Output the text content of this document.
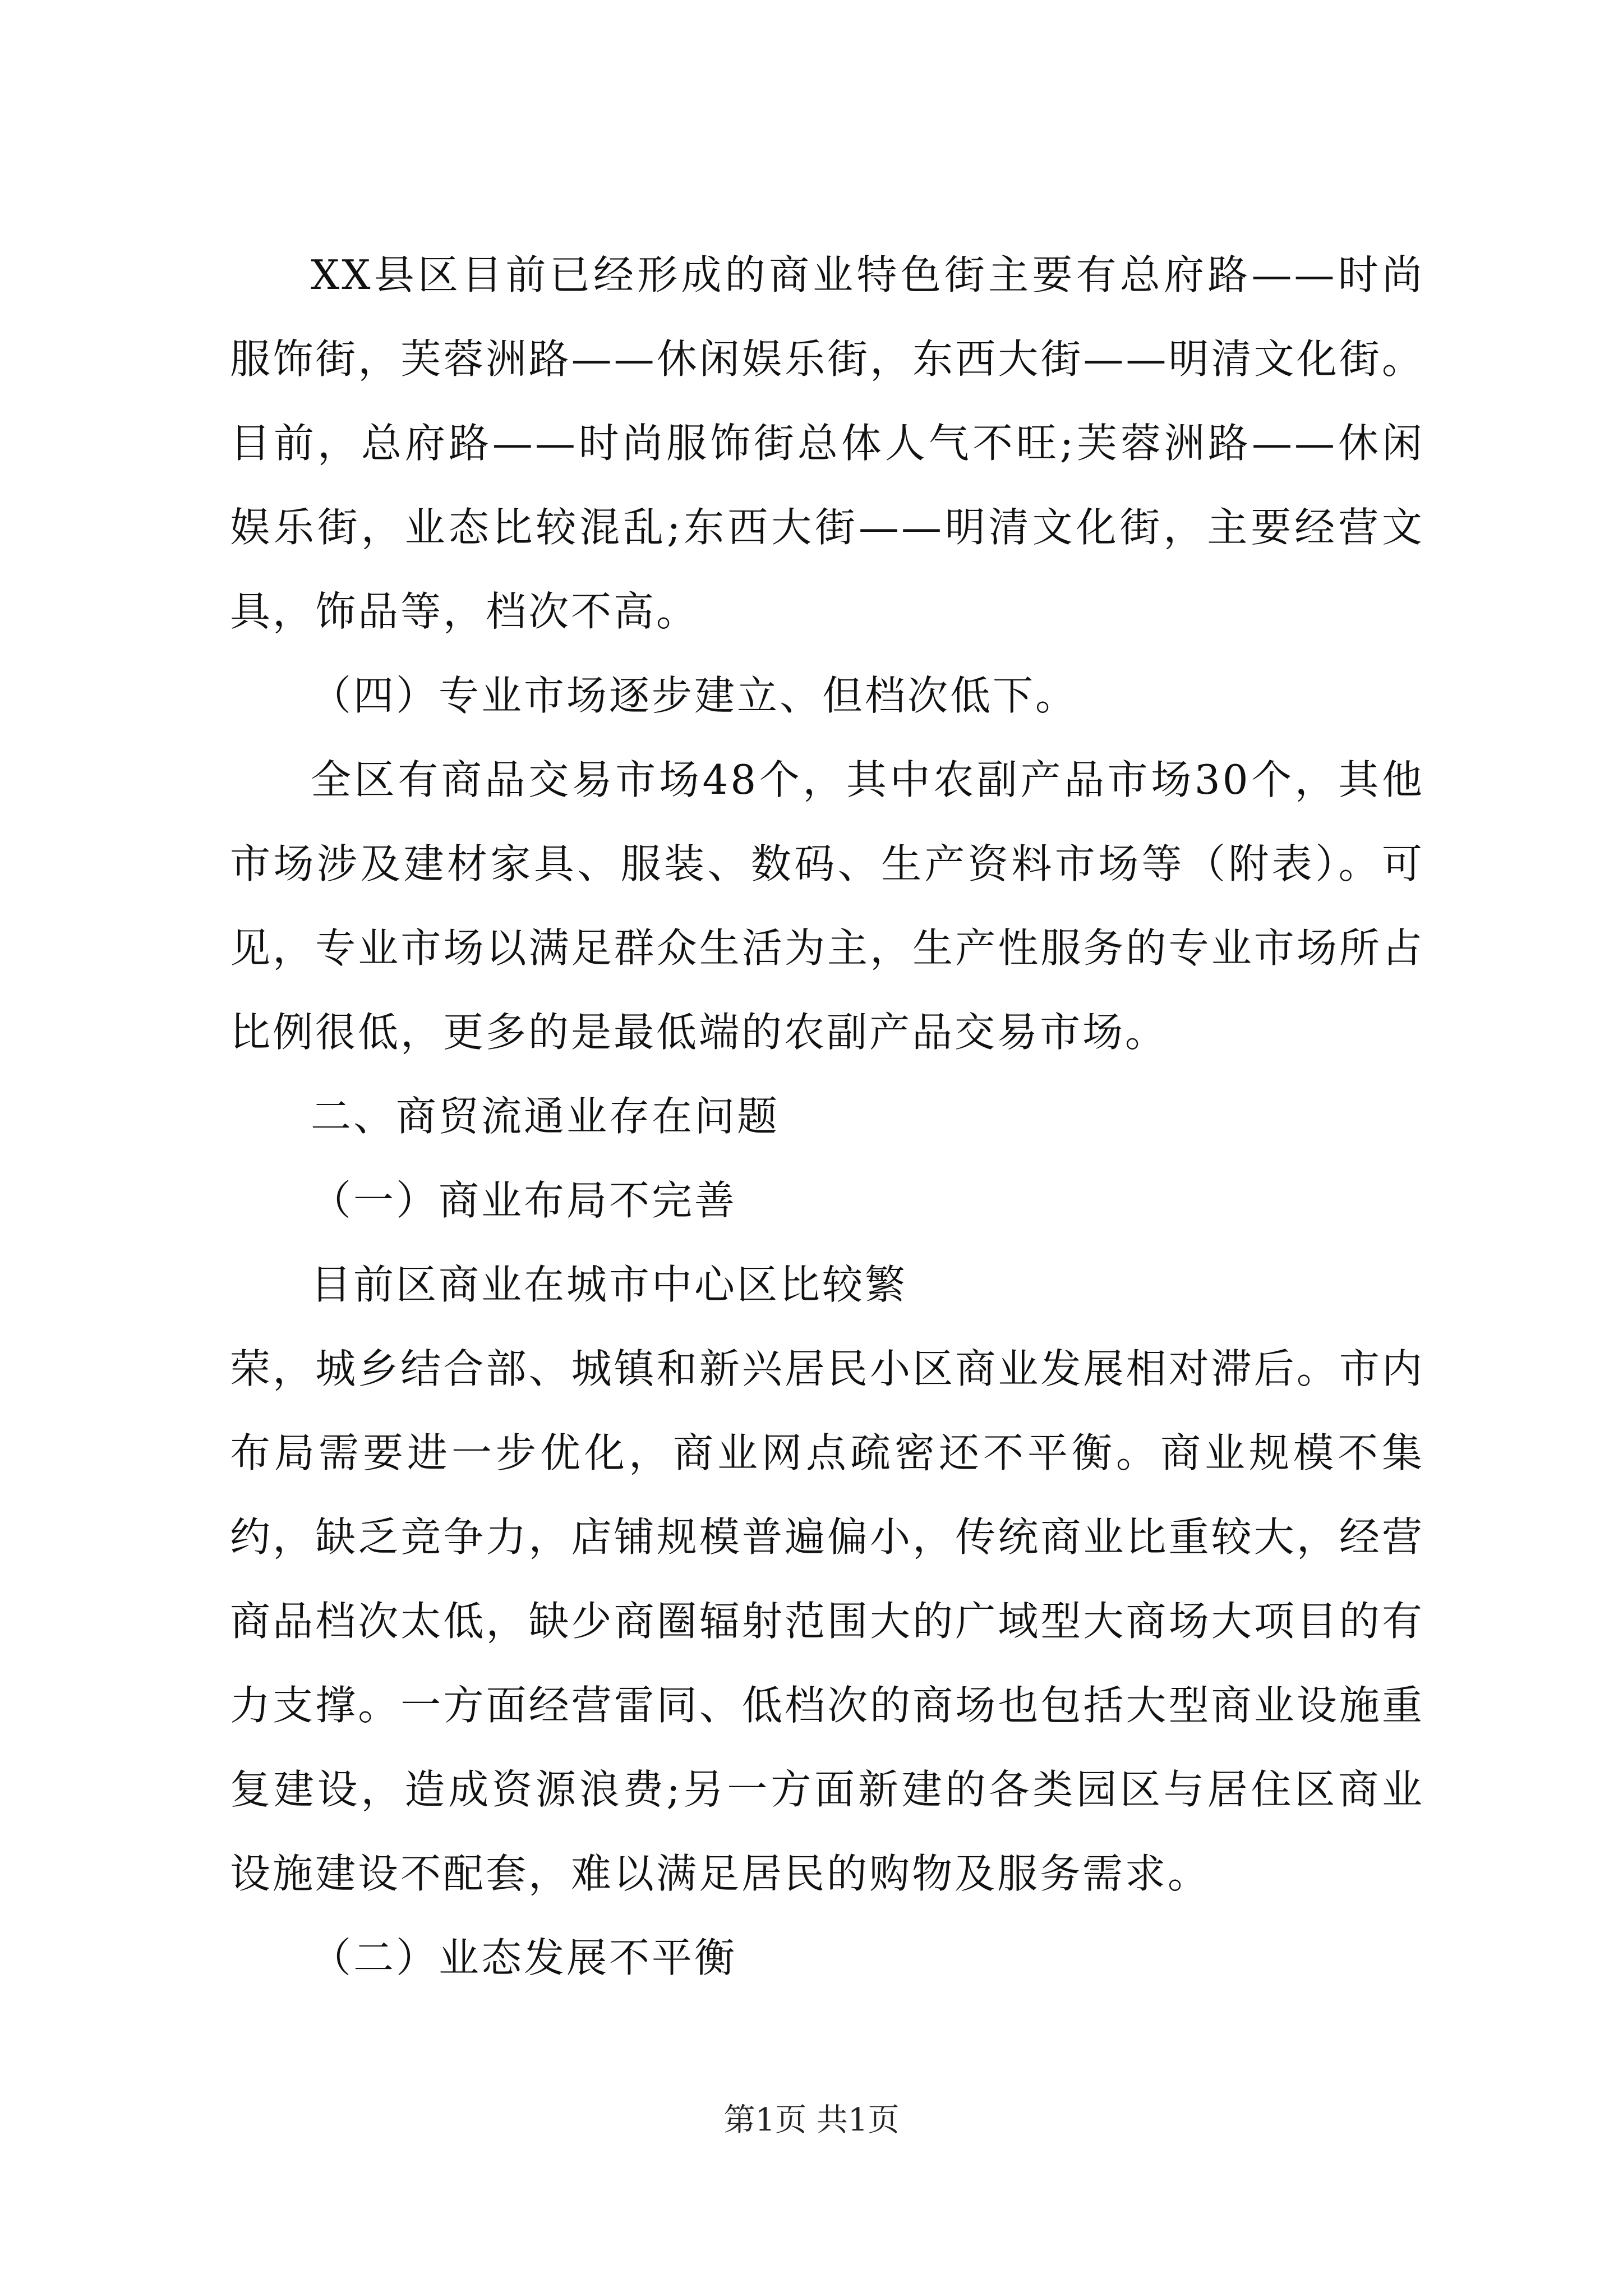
XX县区目前已经形成的商业特色街主要有总府路——时尚服饰街，芙蓉洲路——休闲娱乐街，东西大街——明清文化街。目前，总府路——时尚服饰街总体人气不旺;芙蓉洲路——休闲娱乐街，业态比较混乱;东西大街——明清文化街，主要经营文具，饰品等，档次不高。

（四）专业市场逐步建立、但档次低下。

全区有商品交易市场48个，其中农副产品市场30个，其他市场涉及建材家具、服装、数码、生产资料市场等（附表）。可见，专业市场以满足群众生活为主，生产性服务的专业市场所占比例很低，更多的是最低端的农副产品交易市场。

二、商贸流通业存在问题

（一）商业布局不完善

目前区商业在城市中心区比较繁

荣，城乡结合部、城镇和新兴居民小区商业发展相对滞后。市内布局需要进一步优化，商业网点疏密还不平衡。商业规模不集约，缺乏竞争力，店铺规模普遍偏小，传统商业比重较大，经营商品档次太低，缺少商圈辐射范围大的广域型大商场大项目的有力支撑。一方面经营雷同、低档次的商场也包括大型商业设施重复建设，造成资源浪费;另一方面新建的各类园区与居住区商业设施建设不配套，难以满足居民的购物及服务需求。

（二）业态发展不平衡

第1页 共1页
